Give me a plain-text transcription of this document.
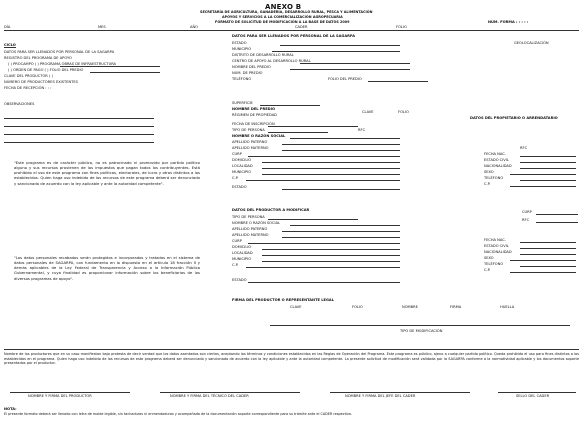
ANEXO B
SECRETARÍA DE AGRICULTURA, GANADERÍA, DESARROLLO RURAL, PESCA Y ALIMENTACIÓN
APOYOS Y SERVICIOS A LA COMERCIALIZACIÓN AGROPECUARIA
FORMATO DE SOLICITUD DE MODIFICACIÓN A LA BASE DE DATOS 2009
DÍA	MES	AÑO	CADER	FOLIO
NÚM. FORMA : : : : :
CICLO
DATOS PARA SER LLENADOS POR PERSONAL DE LA SAGARPA
REGISTRO DEL PROGRAMA DE APOYO
( ) PROCAMPO ( ) PROGRAMA OBRAS DE INFRAESTRUCTURA
( ) ORDEN DE PAGO ( ) FOLIO DEL PREDIO
CLAVE DEL PRODUCTOR ( )
NÚMERO DE PRODUCTORES EXISTENTES
FECHA DE RECEPCIÓN : : :
OBSERVACIONES
"Este programa es de carácter público, no es patrocinado ni promovido por partido político alguno y sus recursos provienen de los impuestos que pagan todos los contribuyentes. Está prohibido el uso de este programa con fines políticos, electorales, de lucro y otros distintos a los establecidos. Quien haga uso indebido de los recursos de este programa deberá ser denunciado y sancionado de acuerdo con la ley aplicable y ante la autoridad competente".
"Los datos personales recabados serán protegidos e incorporados y tratados en el sistema de datos personales de SAGARPA, con fundamento en lo dispuesto en el artículo 18 fracción II y demás aplicables de la Ley Federal de Transparencia y Acceso a la Información Pública Gubernamental, y cuya finalidad es proporcionar información sobre los beneficiarios de los diversos programas de apoyo".
DATOS PARA SER LLENADOS POR PERSONAL DE LA SAGARPA
ESTADO
MUNICIPIO
DISTRITO DE DESARROLLO RURAL
CENTRO DE APOYO AL DESARROLLO RURAL
NOMBRE DEL PREDIO
NÚM. DE PREDIO
TELÉFONO
GEOLOCALIZACIÓN
FOLIO DEL PREDIO
SUPERFICIE
NOMBRE DEL PREDIO
RÉGIMEN DE PROPIEDAD
CLAVE	FOLIO
DATOS DEL PROPIETARIO O ARRENDATARIO
FECHA DE INSCRIPCIÓN
TIPO DE PERSONA
NOMBRE O RAZÓN SOCIAL
APELLIDO PATERNO
APELLIDO MATERNO
CURP
DOMICILIO
LOCALIDAD
MUNICIPIO
C.P.
ESTADO
RFC
RFC
FECHA NAC.
ESTADO CIVIL
NACIONALIDAD
SEXO
TELÉFONO
C.P.
DATOS DEL PRODUCTOR A MODIFICAR
TIPO DE PERSONA
NOMBRE O RAZÓN SOCIAL
APELLIDO PATERNO
APELLIDO MATERNO
CURP
DOMICILIO
LOCALIDAD
MUNICIPIO
C.P.
ESTADO
CURP
RFC
FECHA NAC.
ESTADO CIVIL
NACIONALIDAD
SEXO
TELÉFONO
C.P.
FIRMA DEL PRODUCTOR O REPRESENTANTE LEGAL
CLAVE	FOLIO	NOMBRE	FIRMA	HUELLA
TIPO DE MODIFICACIÓN
Nombre de los productores que en su caso manifiestan bajo protesta de decir verdad que los datos asentados son ciertos, aceptando los términos y condiciones establecidos en las Reglas de Operación del Programa. Este programa es público, ajeno a cualquier partido político. Queda prohibido el uso para fines distintos a los establecidos en el programa. Quien haga uso indebido de los recursos de este programa deberá ser denunciado y sancionado de acuerdo con la ley aplicable y ante la autoridad competente. La presente solicitud de modificación será validada por la SAGARPA conforme a la normatividad aplicable y los documentos soporte presentados por el productor.
NOMBRE Y FIRMA DEL PRODUCTOR	NOMBRE Y FIRMA DEL TÉCNICO DEL CADER	NOMBRE Y FIRMA DEL JEFE DEL CADER	SELLO DEL CADER
NOTA:
El presente formato deberá ser llenado con letra de molde legible, sin tachaduras ni enmendaduras y acompañado de la documentación soporte correspondiente para su trámite ante el CADER respectivo.
